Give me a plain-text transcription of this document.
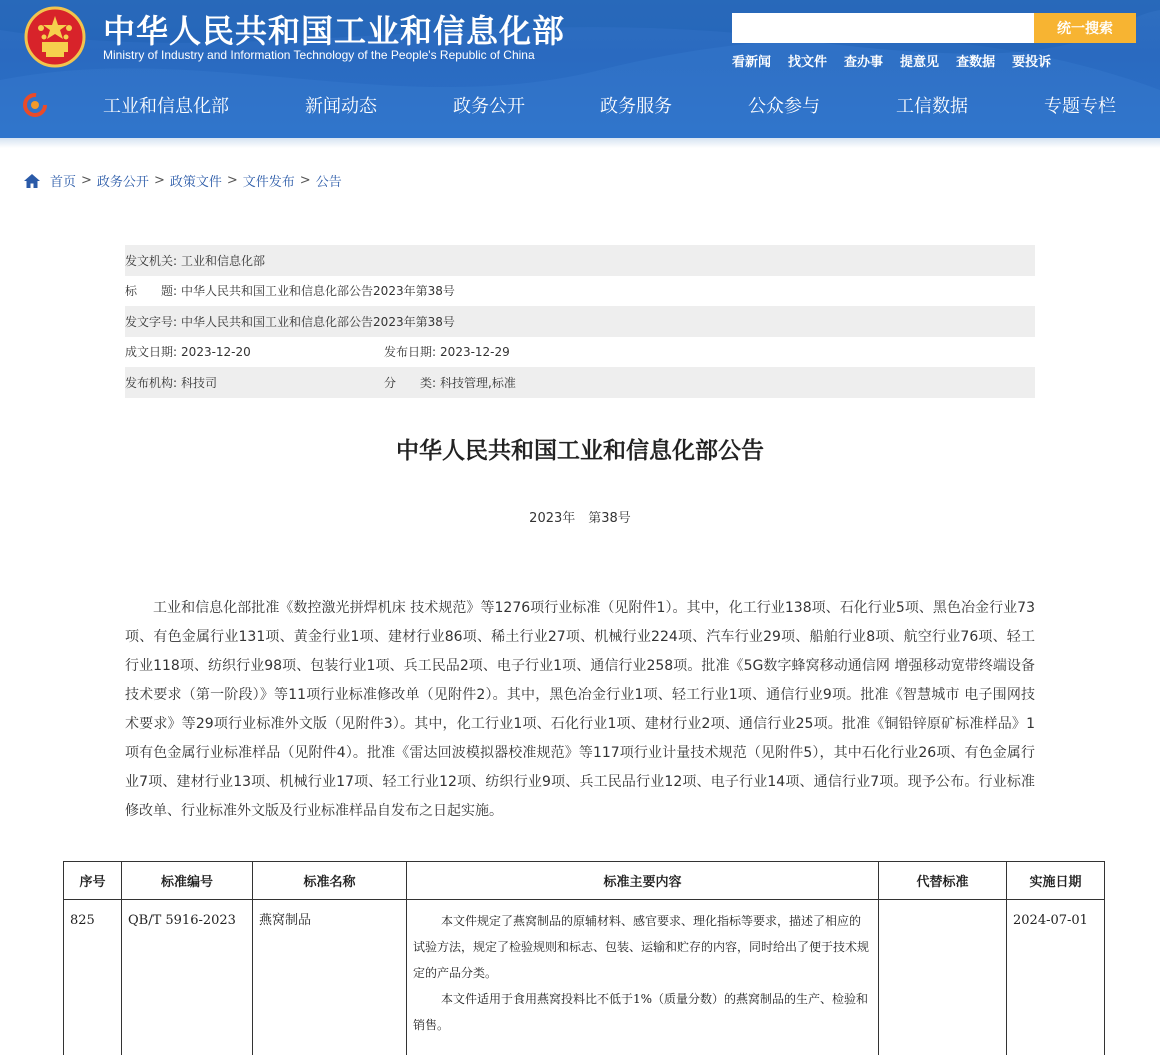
中华人民共和国工业和信息化部
Ministry of Industry and Information Technology of the People's Republic of China
统一搜索
看新闻 找文件 查办事 提意见 查数据 要投诉
工业和信息化部	新闻动态	政务公开	政务服务	公众参与	工信数据	专题专栏
首页 > 政务公开 > 政策文件 > 文件发布 > 公告
发文机关: 工业和信息化部
标　　题: 中华人民共和国工业和信息化部公告2023年第38号
发文字号: 中华人民共和国工业和信息化部公告2023年第38号
成文日期: 2023-12-20	发布日期: 2023-12-29
发布机构: 科技司	分　　类: 科技管理,标准
中华人民共和国工业和信息化部公告
2023年　第38号
工业和信息化部批准《数控激光拼焊机床 技术规范》等1276项行业标准（见附件1）。其中，化工行业138项、石化行业5项、黑色冶金行业73项、有色金属行业131项、黄金行业1项、建材行业86项、稀土行业27项、机械行业224项、汽车行业29项、船舶行业8项、航空行业76项、轻工行业118项、纺织行业98项、包装行业1项、兵工民品2项、电子行业1项、通信行业258项。批准《5G数字蜂窝移动通信网 增强移动宽带终端设备技术要求（第一阶段）》等11项行业标准修改单（见附件2）。其中，黑色冶金行业1项、轻工行业1项、通信行业9项。批准《智慧城市 电子围网技术要求》等29项行业标准外文版（见附件3）。其中，化工行业1项、石化行业1项、建材行业2项、通信行业25项。批准《铜铅锌原矿标准样品》1项有色金属行业标准样品（见附件4）。批准《雷达回波模拟器校准规范》等117项行业计量技术规范（见附件5），其中石化行业26项、有色金属行业7项、建材行业13项、机械行业17项、轻工行业12项、纺织行业9项、兵工民品行业12项、电子行业14项、通信行业7项。现予公布。行业标准修改单、行业标准外文版及行业标准样品自发布之日起实施。
序号	标准编号	标准名称	标准主要内容	代替标准	实施日期
825	QB/T 5916-2023	燕窝制品	本文件规定了燕窝制品的原辅材料、感官要求、理化指标等要求，描述了相应的试验方法，规定了检验规则和标志、包装、运输和贮存的内容，同时给出了便于技术规定的产品分类。

本文件适用于食用燕窝投料比不低于1%（质量分数）的燕窝制品的生产、检验和销售。		2024-07-01
